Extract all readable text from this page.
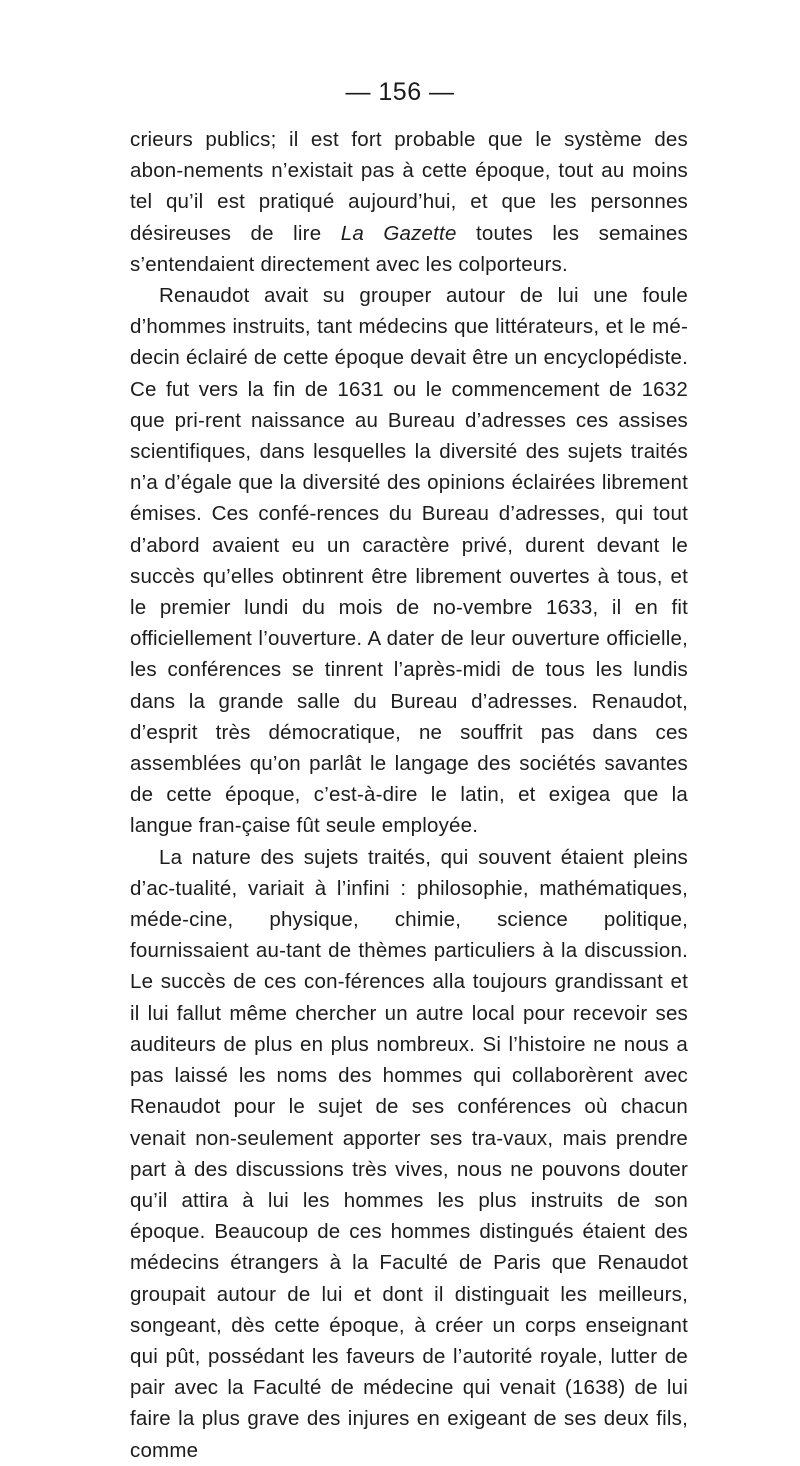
— 156 —

crieurs publics; il est fort probable que le système des abon-nements n’existait pas à cette époque, tout au moins tel qu’il est pratiqué aujourd’hui, et que les personnes désireuses de lire La Gazette toutes les semaines s’entendaient directement avec les colporteurs.

Renaudot avait su grouper autour de lui une foule d’hommes instruits, tant médecins que littérateurs, et le mé-decin éclairé de cette époque devait être un encyclopédiste. Ce fut vers la fin de 1631 ou le commencement de 1632 que pri-rent naissance au Bureau d’adresses ces assises scientifiques, dans lesquelles la diversité des sujets traités n’a d’égale que la diversité des opinions éclairées librement émises. Ces confé-rences du Bureau d’adresses, qui tout d’abord avaient eu un caractère privé, durent devant le succès qu’elles obtinrent être librement ouvertes à tous, et le premier lundi du mois de no-vembre 1633, il en fit officiellement l’ouverture. A dater de leur ouverture officielle, les conférences se tinrent l’après-midi de tous les lundis dans la grande salle du Bureau d’adresses. Renaudot, d’esprit très démocratique, ne souffrit pas dans ces assemblées qu’on parlât le langage des sociétés savantes de cette époque, c’est-à-dire le latin, et exigea que la langue fran-çaise fût seule employée.

La nature des sujets traités, qui souvent étaient pleins d’ac-tualité, variait à l’infini : philosophie, mathématiques, méde-cine, physique, chimie, science politique, fournissaient au-tant de thèmes particuliers à la discussion. Le succès de ces con-férences alla toujours grandissant et il lui fallut même chercher un autre local pour recevoir ses auditeurs de plus en plus nombreux. Si l’histoire ne nous a pas laissé les noms des hommes qui collaborèrent avec Renaudot pour le sujet de ses conférences où chacun venait non-seulement apporter ses tra-vaux, mais prendre part à des discussions très vives, nous ne pouvons douter qu’il attira à lui les hommes les plus instruits de son époque. Beaucoup de ces hommes distingués étaient des médecins étrangers à la Faculté de Paris que Renaudot groupait autour de lui et dont il distinguait les meilleurs, songeant, dès cette époque, à créer un corps enseignant qui pût, possédant les faveurs de l’autorité royale, lutter de pair avec la Faculté de médecine qui venait (1638) de lui faire la plus grave des injures en exigeant de ses deux fils, comme
